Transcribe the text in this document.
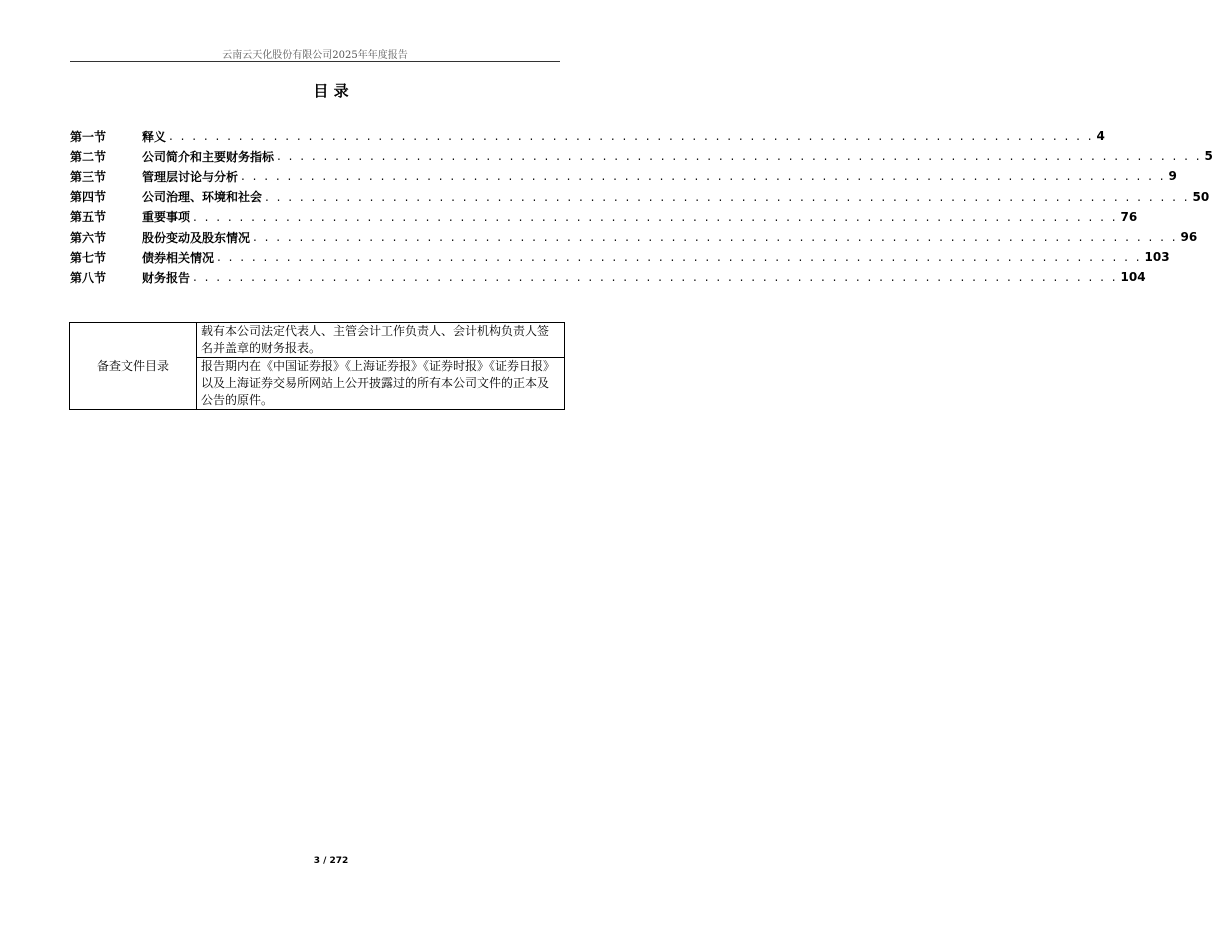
云南云天化股份有限公司2025年年度报告
目 录
第一节	释义 . . . . . . . . . . . . . . . . . . . . . . . . . . . . . . . . . . . . . . . . . . . . . . . . . . . . . . . . . . . . . . . . . . . . . . . . . . . . . . . . 4
第二节	公司简介和主要财务指标 . . . . . . . . . . . . . . . . . . . . . . . . . . . . . . . . . . . . . . . . . . . . . . . . . . . . . . . . . . . . . . . . . . . . . . . . . . . . . . . . 5
第三节	管理层讨论与分析 . . . . . . . . . . . . . . . . . . . . . . . . . . . . . . . . . . . . . . . . . . . . . . . . . . . . . . . . . . . . . . . . . . . . . . . . . . . . . . . . 9
第四节	公司治理、环境和社会 . . . . . . . . . . . . . . . . . . . . . . . . . . . . . . . . . . . . . . . . . . . . . . . . . . . . . . . . . . . . . . . . . . . . . . . . . . . . . . . . 50
第五节	重要事项 . . . . . . . . . . . . . . . . . . . . . . . . . . . . . . . . . . . . . . . . . . . . . . . . . . . . . . . . . . . . . . . . . . . . . . . . . . . . . . . . 76
第六节	股份变动及股东情况 . . . . . . . . . . . . . . . . . . . . . . . . . . . . . . . . . . . . . . . . . . . . . . . . . . . . . . . . . . . . . . . . . . . . . . . . . . . . . . . . 96
第七节	债券相关情况 . . . . . . . . . . . . . . . . . . . . . . . . . . . . . . . . . . . . . . . . . . . . . . . . . . . . . . . . . . . . . . . . . . . . . . . . . . . . . . . . 103
第八节	财务报告 . . . . . . . . . . . . . . . . . . . . . . . . . . . . . . . . . . . . . . . . . . . . . . . . . . . . . . . . . . . . . . . . . . . . . . . . . . . . . . . . 104
备查文件目录	载有本公司法定代表人、主管会计工作负责人、会计机构负责人签名并盖章的财务报表。
报告期内在《中国证券报》《上海证券报》《证券时报》《证券日报》以及上海证券交易所网站上公开披露过的所有本公司文件的正本及公告的原件。
3 / 272
